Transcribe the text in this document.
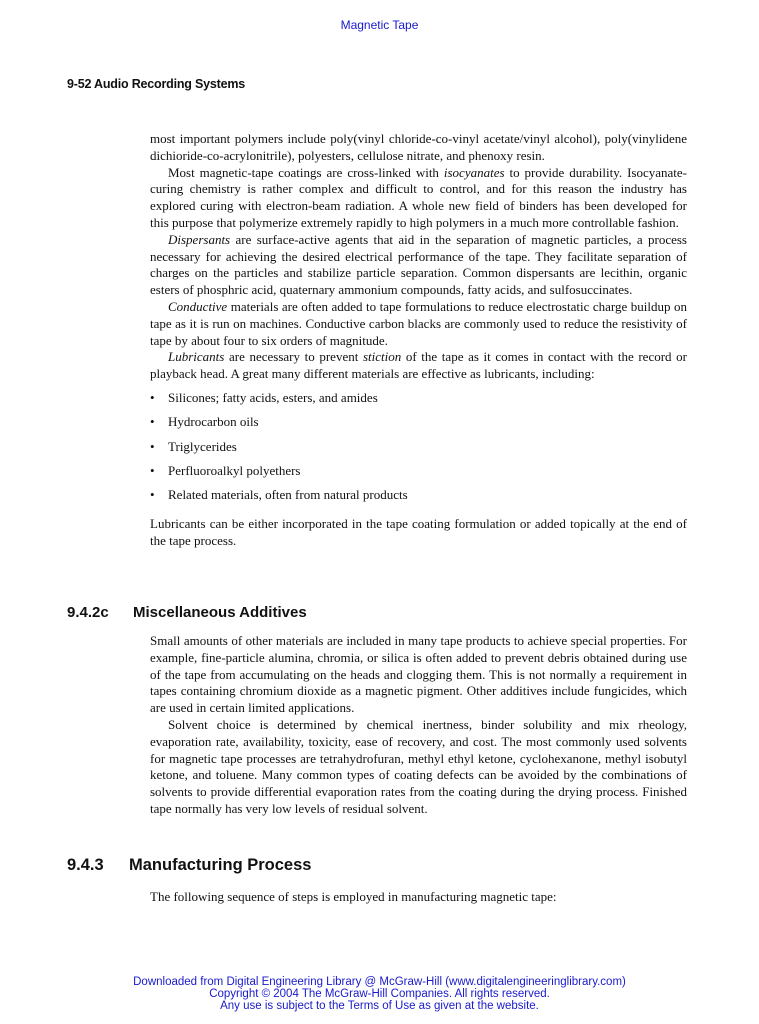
Magnetic Tape
9-52 Audio Recording Systems

most important polymers include poly(vinyl chloride-co-vinyl acetate/vinyl alcohol), poly(vinylidene dichioride-co-acrylonitrile), polyesters, cellulose nitrate, and phenoxy resin.

Most magnetic-tape coatings are cross-linked with isocyanates to provide durability. Isocyanate-curing chemistry is rather complex and difficult to control, and for this reason the industry has explored curing with electron-beam radiation. A whole new field of binders has been developed for this purpose that polymerize extremely rapidly to high polymers in a much more controllable fashion.

Dispersants are surface-active agents that aid in the separation of magnetic particles, a process necessary for achieving the desired electrical performance of the tape. They facilitate separation of charges on the particles and stabilize particle separation. Common dispersants are lecithin, organic esters of phosphric acid, quaternary ammonium compounds, fatty acids, and sulfosuccinates.

Conductive materials are often added to tape formulations to reduce electrostatic charge buildup on tape as it is run on machines. Conductive carbon blacks are commonly used to reduce the resistivity of tape by about four to six orders of magnitude.

Lubricants are necessary to prevent stiction of the tape as it comes in contact with the record or playback head. A great many different materials are effective as lubricants, including:

• Silicones; fatty acids, esters, and amides
• Hydrocarbon oils
• Triglycerides
• Perfluoroalkyl polyethers
• Related materials, often from natural products

Lubricants can be either incorporated in the tape coating formulation or added topically at the end of the tape process.

9.4.2c Miscellaneous Additives

Small amounts of other materials are included in many tape products to achieve special properties. For example, fine-particle alumina, chromia, or silica is often added to prevent debris obtained during use of the tape from accumulating on the heads and clogging them. This is not normally a requirement in tapes containing chromium dioxide as a magnetic pigment. Other additives include fungicides, which are used in certain limited applications.

Solvent choice is determined by chemical inertness, binder solubility and mix rheology, evaporation rate, availability, toxicity, ease of recovery, and cost. The most commonly used solvents for magnetic tape processes are tetrahydrofuran, methyl ethyl ketone, cyclohexanone, methyl isobutyl ketone, and toluene. Many common types of coating defects can be avoided by the combinations of solvents to provide differential evaporation rates from the coating during the drying process. Finished tape normally has very low levels of residual solvent.

9.4.3 Manufacturing Process

The following sequence of steps is employed in manufacturing magnetic tape:

Downloaded from Digital Engineering Library @ McGraw-Hill (www.digitalengineeringlibrary.com)
Copyright © 2004 The McGraw-Hill Companies. All rights reserved.
Any use is subject to the Terms of Use as given at the website.
